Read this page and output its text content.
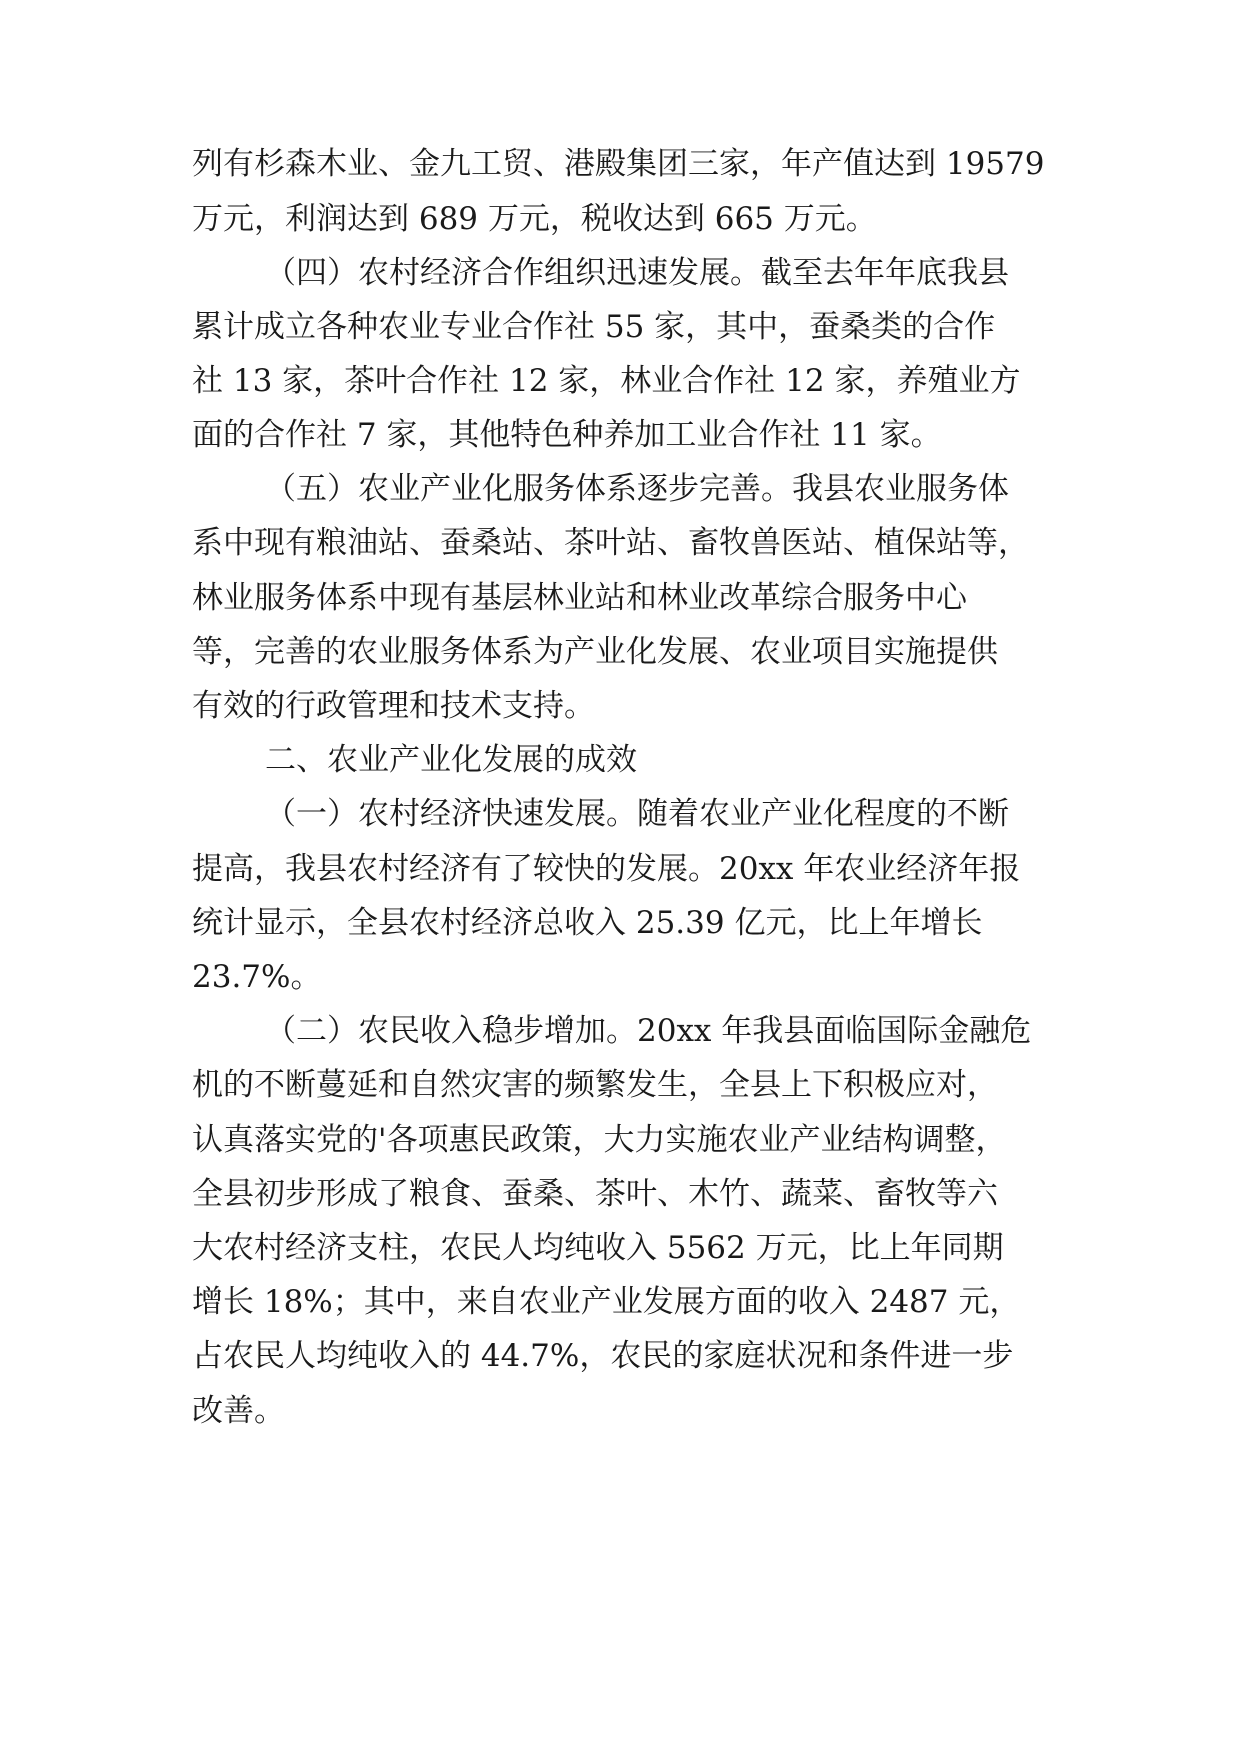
列有杉森木业、金九工贸、港殿集团三家，年产值达到 19579
万元，利润达到 689 万元，税收达到 665 万元。
（四）农村经济合作组织迅速发展。截至去年年底我县
累计成立各种农业专业合作社 55 家，其中，蚕桑类的合作
社 13 家，茶叶合作社 12 家，林业合作社 12 家，养殖业方
面的合作社 7 家，其他特色种养加工业合作社 11 家。
（五）农业产业化服务体系逐步完善。我县农业服务体
系中现有粮油站、蚕桑站、茶叶站、畜牧兽医站、植保站等，
林业服务体系中现有基层林业站和林业改革综合服务中心
等，完善的农业服务体系为产业化发展、农业项目实施提供
有效的行政管理和技术支持。
二、农业产业化发展的成效
（一）农村经济快速发展。随着农业产业化程度的不断
提高，我县农村经济有了较快的发展。20xx 年农业经济年报
统计显示，全县农村经济总收入 25.39 亿元，比上年增长
23.7%。
（二）农民收入稳步增加。20xx 年我县面临国际金融危
机的不断蔓延和自然灾害的频繁发生，全县上下积极应对，
认真落实党的'各项惠民政策，大力实施农业产业结构调整，
全县初步形成了粮食、蚕桑、茶叶、木竹、蔬菜、畜牧等六
大农村经济支柱，农民人均纯收入 5562 万元，比上年同期
增长 18%；其中，来自农业产业发展方面的收入 2487 元，
占农民人均纯收入的 44.7%，农民的家庭状况和条件进一步
改善。
